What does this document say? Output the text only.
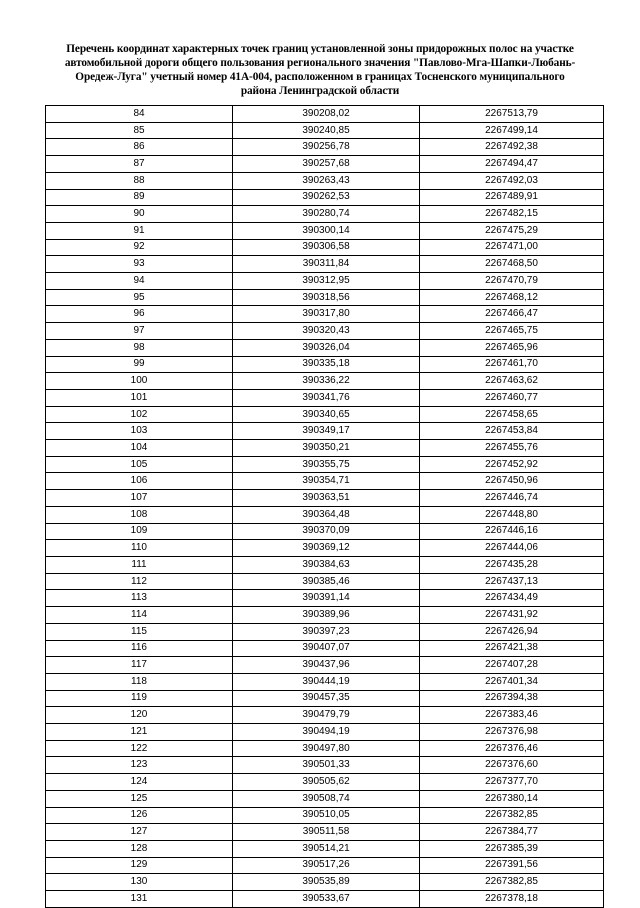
Перечень координат характерных точек границ установленной зоны придорожных полос на участке
автомобильной дороги общего пользования регионального значения "Павлово-Мга-Шапки-Любань-
Оредеж-Луга" учетный номер 41А-004, расположенном в границах Тосненского муниципального
района Ленинградской области
84	390208,02	2267513,79
85	390240,85	2267499,14
86	390256,78	2267492,38
87	390257,68	2267494,47
88	390263,43	2267492,03
89	390262,53	2267489,91
90	390280,74	2267482,15
91	390300,14	2267475,29
92	390306,58	2267471,00
93	390311,84	2267468,50
94	390312,95	2267470,79
95	390318,56	2267468,12
96	390317,80	2267466,47
97	390320,43	2267465,75
98	390326,04	2267465,96
99	390335,18	2267461,70
100	390336,22	2267463,62
101	390341,76	2267460,77
102	390340,65	2267458,65
103	390349,17	2267453,84
104	390350,21	2267455,76
105	390355,75	2267452,92
106	390354,71	2267450,96
107	390363,51	2267446,74
108	390364,48	2267448,80
109	390370,09	2267446,16
110	390369,12	2267444,06
111	390384,63	2267435,28
112	390385,46	2267437,13
113	390391,14	2267434,49
114	390389,96	2267431,92
115	390397,23	2267426,94
116	390407,07	2267421,38
117	390437,96	2267407,28
118	390444,19	2267401,34
119	390457,35	2267394,38
120	390479,79	2267383,46
121	390494,19	2267376,98
122	390497,80	2267376,46
123	390501,33	2267376,60
124	390505,62	2267377,70
125	390508,74	2267380,14
126	390510,05	2267382,85
127	390511,58	2267384,77
128	390514,21	2267385,39
129	390517,26	2267391,56
130	390535,89	2267382,85
131	390533,67	2267378,18
